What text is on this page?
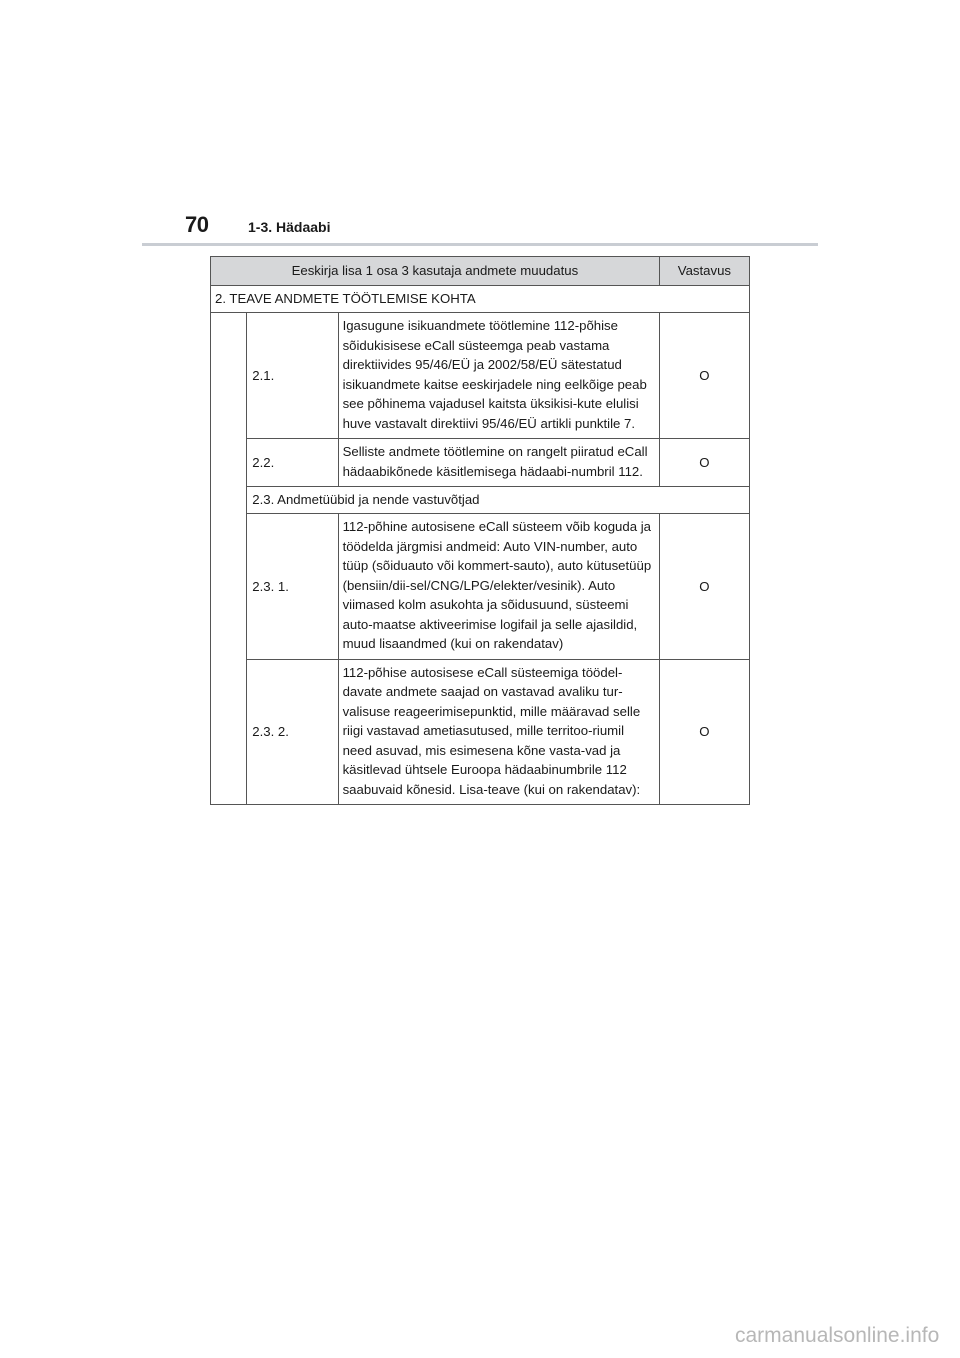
70	1-3. Hädaabi
Eeskirja lisa 1 osa 3 kasutaja andmete muudatus			Vastavus
2. TEAVE ANDMETE TÖÖTLEMISE KOHTA			
	2.1.	Igasugune isikuandmete töötlemine 112-põhise sõidukisisese eCall süsteemga peab vastama direktiivides 95/46/EÜ ja 2002/58/EÜ sätestatud isikuandmete kaitse eeskirjadele ning eelkõige peab see põhinema vajadusel kaitsta üksikisi-kute elulisi huve vastavalt direktiivi 95/46/EÜ artikli punktile 7.	O
	2.2.	Selliste andmete töötlemine on rangelt piiratud eCall hädaabikõnede käsitlemisega hädaabi-numbril 112.	O
	2.3. Andmetüübid ja nende vastuvõtjad		
	2.3. 1.	112-põhine autosisene eCall süsteem võib koguda ja töödelda järgmisi andmeid: Auto VIN-number, auto tüüp (sõiduauto või kommert-sauto), auto kütusetüüp (bensiin/dii-sel/CNG/LPG/elekter/vesinik). Auto viimased kolm asukohta ja sõidusuund, süsteemi auto-maatse aktiveerimise logifail ja selle ajasildid, muud lisaandmed (kui on rakendatav)	O
	2.3. 2.	112-põhise autosisese eCall süsteemiga töödel-davate andmete saajad on vastavad avaliku tur-valisuse reageerimisepunktid, mille määravad selle riigi vastavad ametiasutused, mille territoo-riumil need asuvad, mis esimesena kõne vasta-vad ja käsitlevad ühtsele Euroopa hädaabinumbrile 112 saabuvaid kõnesid. Lisa-teave (kui on rakendatav):	O
carmanualsonline.info
